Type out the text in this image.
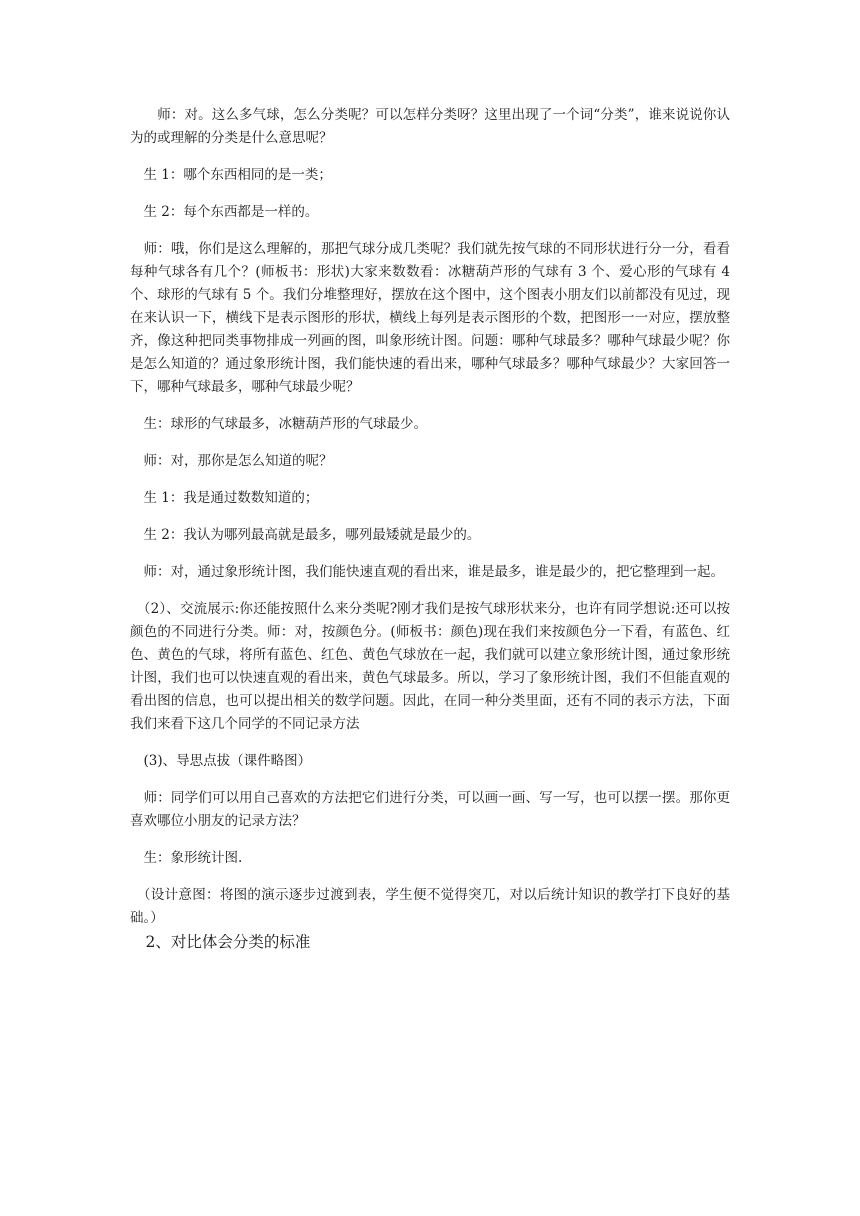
　　师：对。这么多气球，怎么分类呢？可以怎样分类呀？这里出现了一个词“分类”，谁来说说你认为的或理解的分类是什么意思呢？

　生 1：哪个东西相同的是一类；

　生 2：每个东西都是一样的。

　师：哦，你们是这么理解的，那把气球分成几类呢？我们就先按气球的不同形状进行分一分，看看每种气球各有几个？(师板书：形状)大家来数数看：冰糖葫芦形的气球有 3 个、爱心形的气球有 4 个、球形的气球有 5 个。我们分堆整理好，摆放在这个图中，这个图表小朋友们以前都没有见过，现在来认识一下，横线下是表示图形的形状，横线上每列是表示图形的个数，把图形一一对应，摆放整齐，像这种把同类事物排成一列画的图，叫象形统计图。问题：哪种气球最多？哪种气球最少呢？你是怎么知道的？通过象形统计图，我们能快速的看出来，哪种气球最多？哪种气球最少？大家回答一下，哪种气球最多，哪种气球最少呢？

　生：球形的气球最多，冰糖葫芦形的气球最少。

　师：对，那你是怎么知道的呢？

　生 1：我是通过数数知道的；

　生 2：我认为哪列最高就是最多，哪列最矮就是最少的。

　师：对，通过象形统计图，我们能快速直观的看出来，谁是最多，谁是最少的，把它整理到一起。

　（2）、交流展示:你还能按照什么来分类呢?刚才我们是按气球形状来分，也许有同学想说:还可以按颜色的不同进行分类。师：对，按颜色分。(师板书：颜色)现在我们来按颜色分一下看，有蓝色、红色、黄色的气球，将所有蓝色、红色、黄色气球放在一起，我们就可以建立象形统计图，通过象形统计图，我们也可以快速直观的看出来，黄色气球最多。所以，学习了象形统计图，我们不但能直观的看出图的信息，也可以提出相关的数学问题。因此，在同一种分类里面，还有不同的表示方法，下面我们来看下这几个同学的不同记录方法

　(3)、导思点拔（课件略图）

　师：同学们可以用自己喜欢的方法把它们进行分类，可以画一画、写一写，也可以摆一摆。那你更喜欢哪位小朋友的记录方法？

　生：象形统计图.

　（设计意图：将图的演示逐步过渡到表，学生便不觉得突兀，对以后统计知识的教学打下良好的基础。）

　2、对比体会分类的标准
